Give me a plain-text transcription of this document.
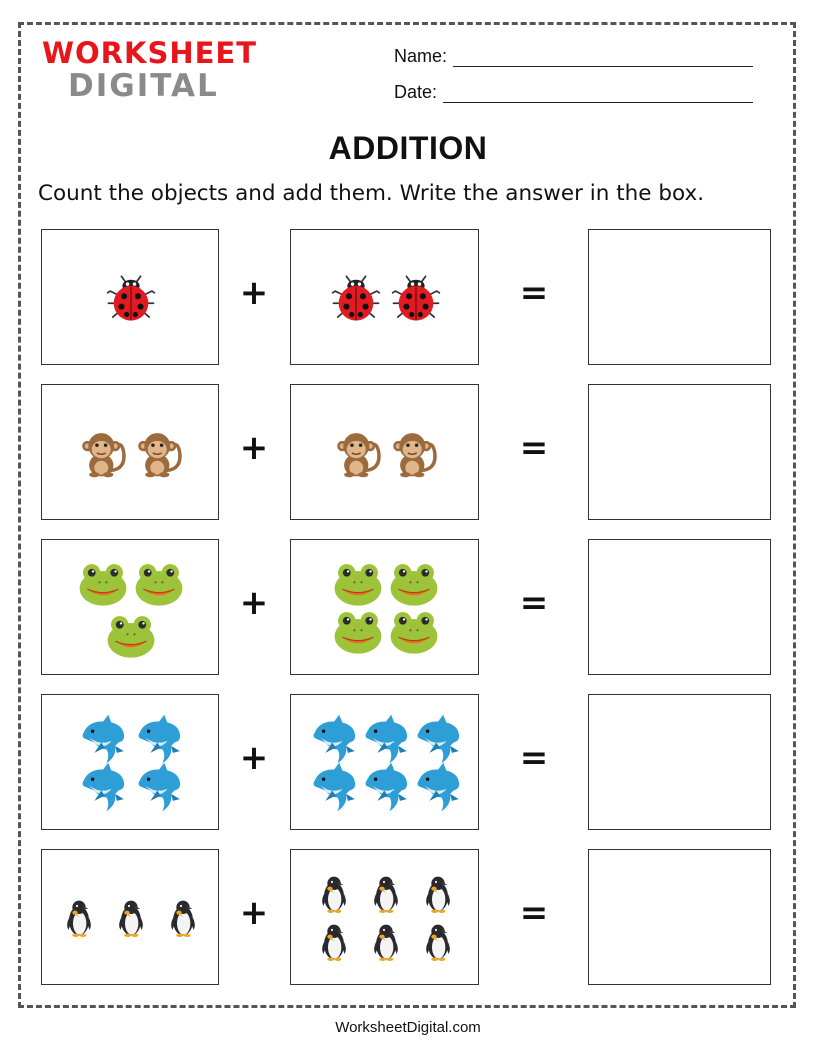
WORKSHEET
DIGITAL
Name:
Date:
ADDITION
Count the objects and add them. Write the answer in the box.
+	=
+	=
+	=
+	=
+	=
WorksheetDigital.com
